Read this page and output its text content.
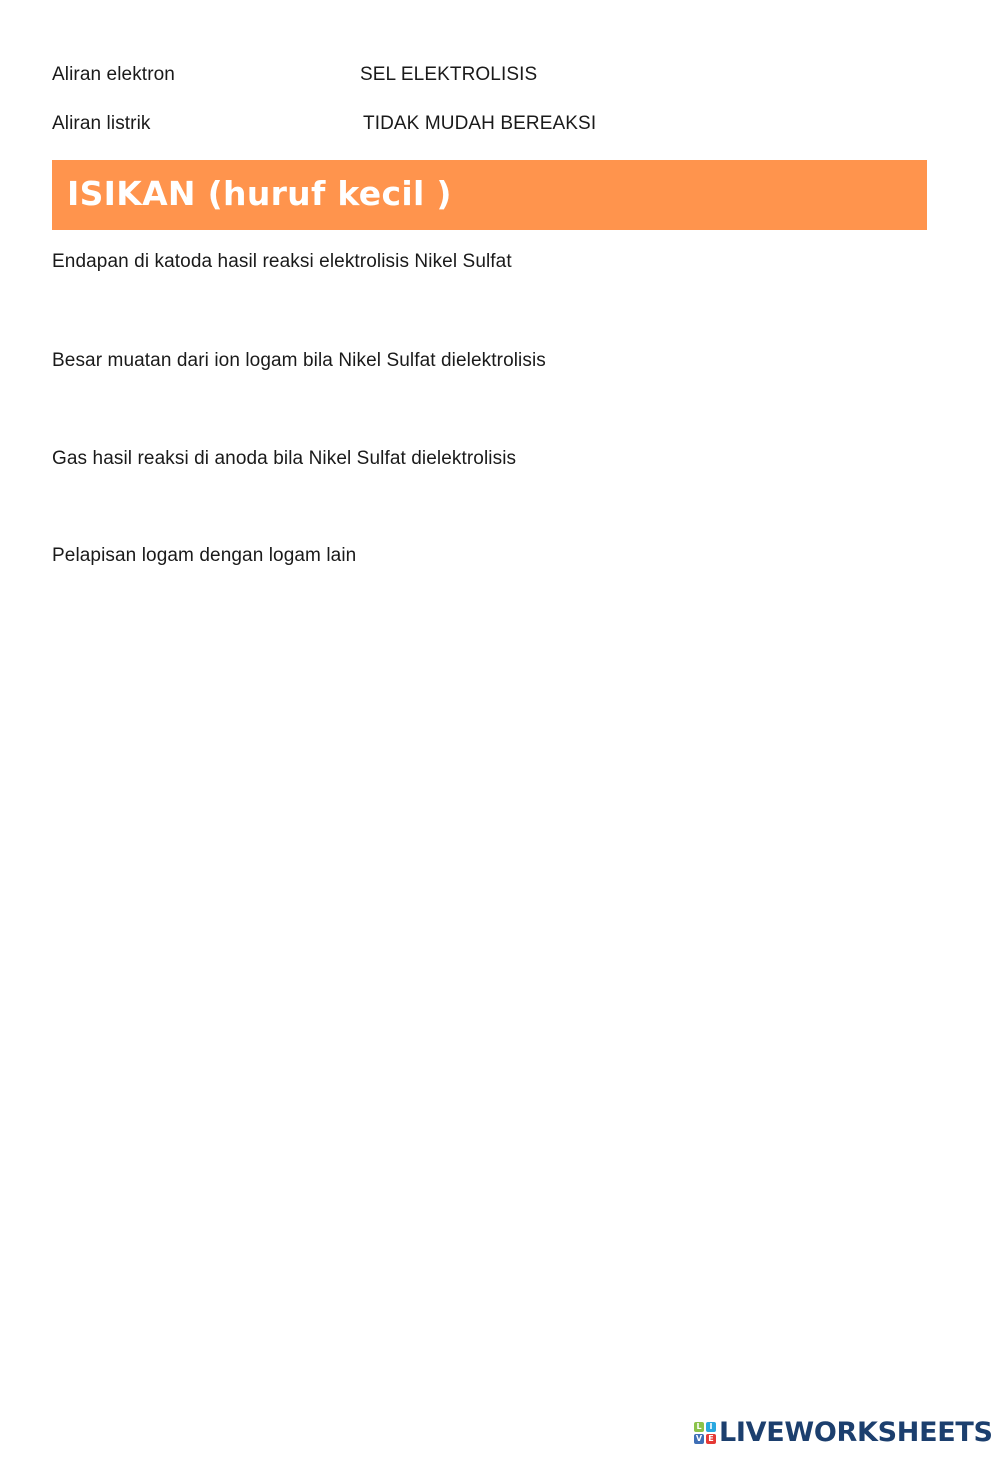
Aliran elektron	SEL ELEKTROLISIS
Aliran listrik	TIDAK MUDAH BEREAKSI
ISIKAN (huruf kecil )
Endapan di katoda hasil reaksi elektrolisis Nikel Sulfat
Besar muatan dari ion logam bila Nikel Sulfat dielektrolisis
Gas hasil reaksi di anoda bila Nikel Sulfat dielektrolisis
Pelapisan logam dengan logam lain
L I
V E LIVEWORKSHEETS
